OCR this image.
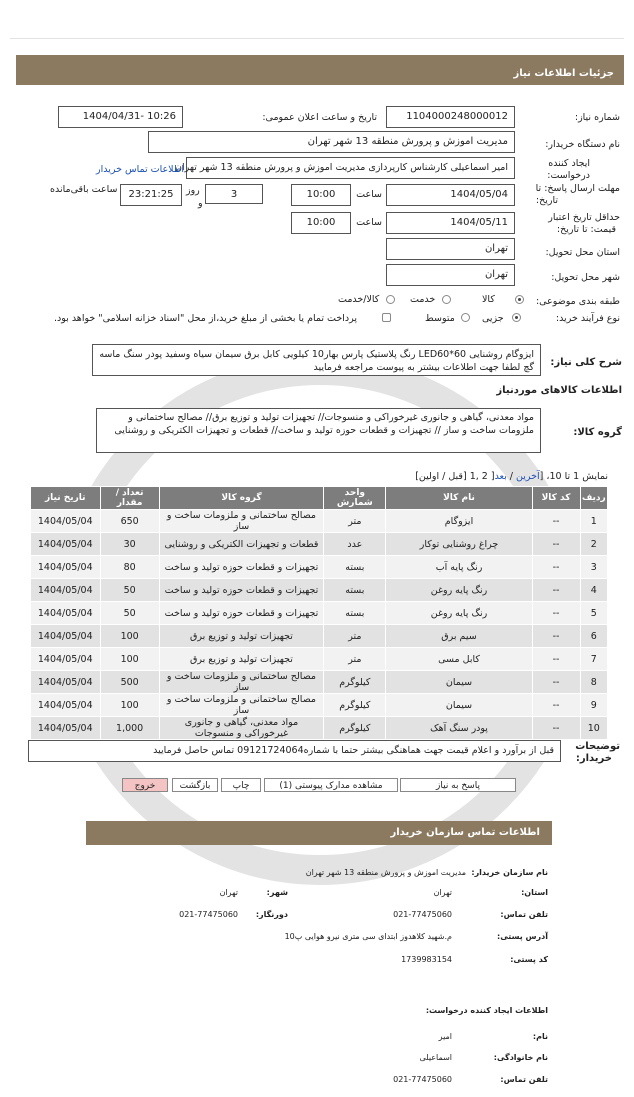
جزئیات اطلاعات نیاز
شماره نیاز:
1104000248000012
تاریخ و ساعت اعلان عمومی:
1404/04/31- 10:26
نام دستگاه خریدار:
مدیریت اموزش و پرورش منطقه 13 شهر تهران
ایجاد کننده
درخواست:
امیر اسماعیلی کارشناس کارپردازی مدیریت اموزش و پرورش منطقه 13 شهر تهران
اطلاعات تماس خریدار
مهلت ارسال پاسخ: تا
تاریخ:
1404/05/04
ساعت
10:00
3
روز
و
23:21:25
ساعت باقی‌مانده
حداقل تاریخ اعتبار
قیمت: تا تاریخ:
1404/05/11
ساعت
10:00
استان محل تحویل:
تهران
شهر محل تحویل:
تهران
طبقه بندی موضوعی:
کالا
خدمت
کالا/خدمت
نوع فرآیند خرید:
جزیی
متوسط
پرداخت تمام یا بخشی از مبلغ خرید،از محل "اسناد خزانه اسلامی" خواهد بود.
شرح کلی نیاز:
ایزوگام روشنایی LED60*60 رنگ پلاستیک پارس بهار10 کیلویی کابل برق سیمان سیاه وسفید پودر سنگ ماسه گچ لطفا جهت اطلاعات بیشتر به پیوست مراجعه فرمایید
اطلاعات کالاهای موردنیاز
گروه کالا:
مواد معدنی، گیاهی و جانوری غیرخوراکی و منسوجات// تجهیزات تولید و توزیع برق// مصالح ساختمانی و ملزومات ساخت و ساز // تجهیزات و قطعات حوزه تولید و ساخت// قطعات و تجهیزات الکتریکی و روشنایی
نمایش 1 تا 10، [آخرین / بعد[ 2 ,1 [قبل / اولین]
ردیف	کد کالا	نام کالا	واحد شمارش	گروه کالا	تعداد / مقدار	تاریخ نیاز
1	--	ایزوگام	متر	مصالح ساختمانی و ملزومات ساخت و ساز	650	1404/05/04
2	--	چراغ روشنایی توکار	عدد	قطعات و تجهیزات الکتریکی و روشنایی	30	1404/05/04
3	--	رنگ پایه آب	بسته	تجهیزات و قطعات حوزه تولید و ساخت	80	1404/05/04
4	--	رنگ پایه روغن	بسته	تجهیزات و قطعات حوزه تولید و ساخت	50	1404/05/04
5	--	رنگ پایه روغن	بسته	تجهیزات و قطعات حوزه تولید و ساخت	50	1404/05/04
6	--	سیم برق	متر	تجهیزات تولید و توزیع برق	100	1404/05/04
7	--	کابل مسی	متر	تجهیزات تولید و توزیع برق	100	1404/05/04
8	--	سیمان	کیلوگرم	مصالح ساختمانی و ملزومات ساخت و ساز	500	1404/05/04
9	--	سیمان	کیلوگرم	مصالح ساختمانی و ملزومات ساخت و ساز	100	1404/05/04
10	--	پودر سنگ آهک	کیلوگرم	مواد معدنی، گیاهی و جانوری غیرخوراکی و منسوجات	1,000	1404/05/04
توضیحات
خریدار:
قبل از برآورد و اعلام قیمت جهت هماهنگی بیشتر حتما با شماره09121724064 تماس حاصل فرمایید
پاسخ به نیاز
مشاهده مدارک پیوستی (1)
چاپ
بازگشت
خروج
اطلاعات تماس سازمان خریدار
نام سازمان خریدار:
مدیریت اموزش و پرورش منطقه 13 شهر تهران
استان:
تهران
شهر:
تهران
تلفن تماس:
021-77475060
دورنگار:
021-77475060
آدرس پستی:
م.شهید کلاهدوز ابتدای سی متری نیرو هوایی پ10
کد پستی:
1739983154
اطلاعات ایجاد کننده درخواست:
نام:
امیر
نام خانوادگی:
اسماعیلی
تلفن تماس:
021-77475060
